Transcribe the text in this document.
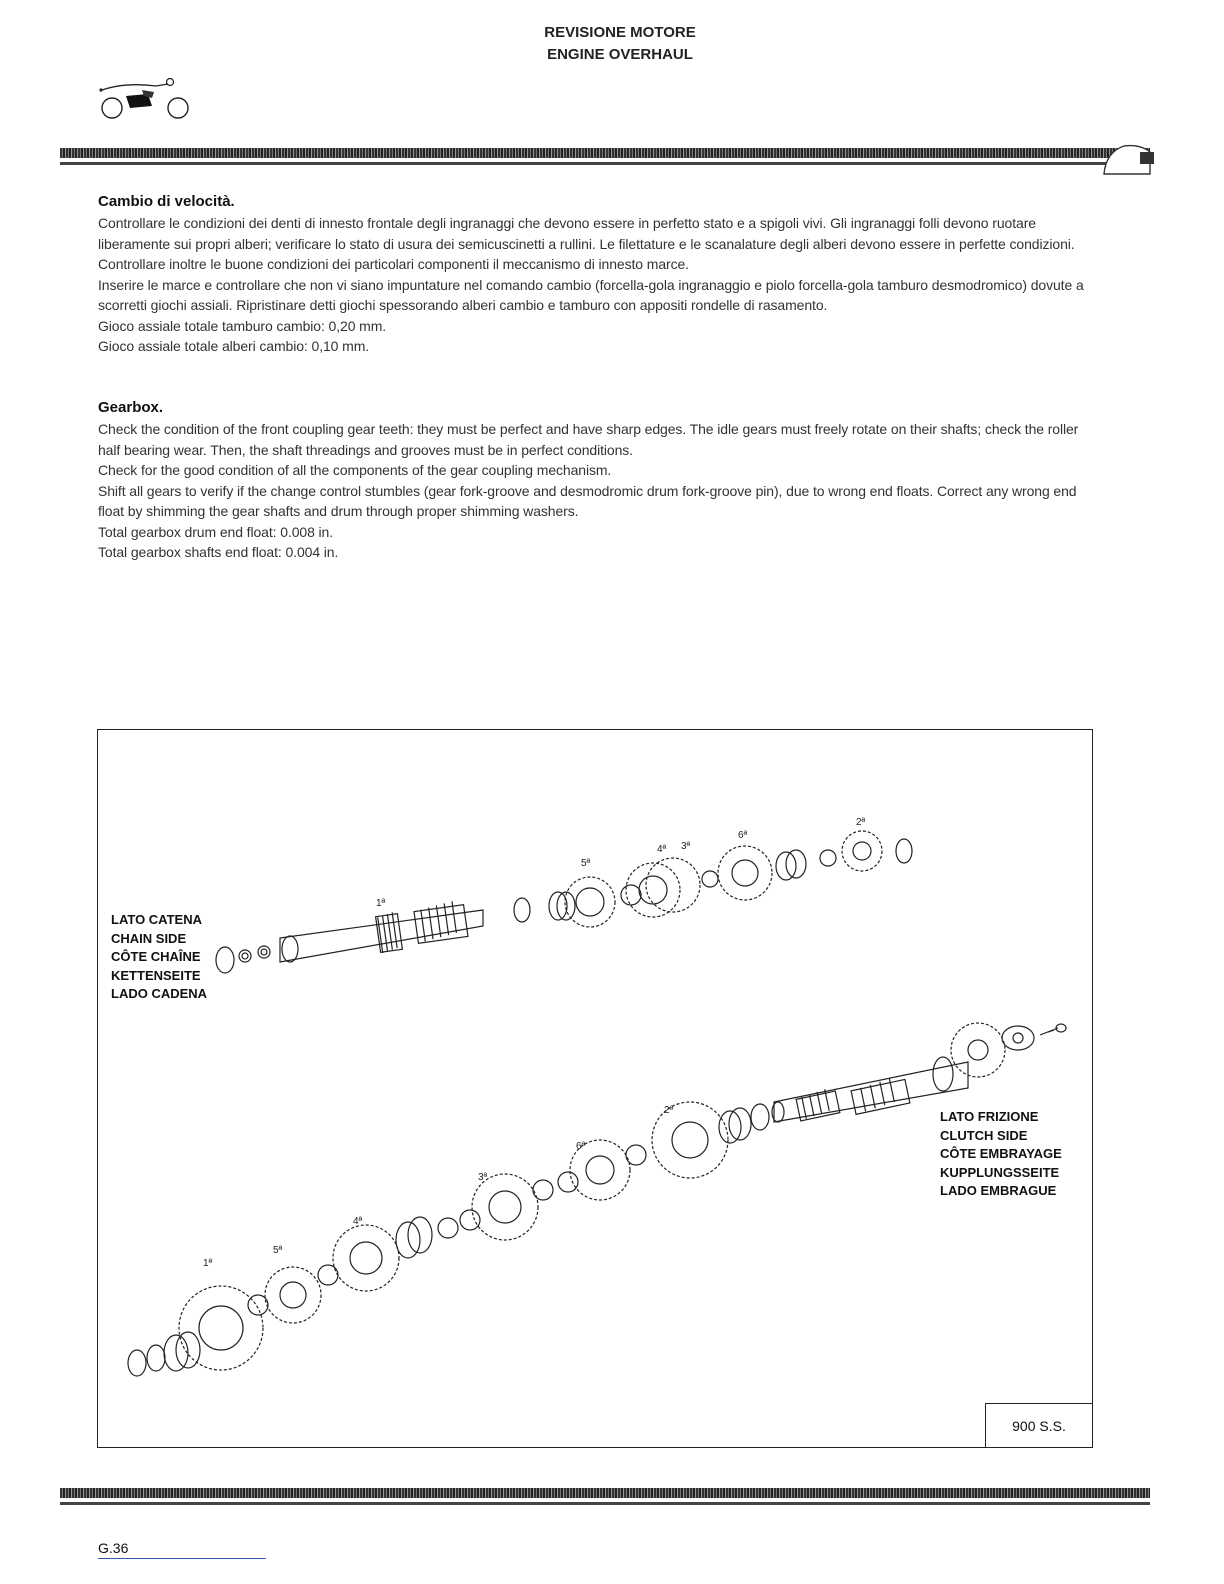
REVISIONE MOTORE
ENGINE OVERHAUL
Cambio di velocità.

Controllare le condizioni dei denti di innesto frontale degli ingranaggi che devono essere in perfetto stato e a spigoli vivi. Gli ingranaggi folli devono ruotare liberamente sui propri alberi; verificare lo stato di usura dei semicuscinetti a rullini. Le filettature e le scanalature degli alberi devono essere in perfette condizioni.

Controllare inoltre le buone condizioni dei particolari componenti il meccanismo di innesto marce.

Inserire le marce e controllare che non vi siano impuntature nel comando cambio (forcella-gola ingranaggio e piolo forcella-gola tamburo desmodromico) dovute a scorretti giochi assiali. Ripristinare detti giochi spessorando alberi cambio e tamburo con appositi rondelle di rasamento.

Gioco assiale totale tamburo cambio: 0,20 mm.

Gioco assiale totale alberi cambio: 0,10 mm.

Gearbox.

Check the condition of the front coupling gear teeth: they must be perfect and have sharp edges. The idle gears must freely rotate on their shafts; check the roller half bearing wear. Then, the shaft threadings and grooves must be in perfect conditions.

Check for the good condition of all the components of the gear coupling mechanism.

Shift all gears to verify if the change control stumbles (gear fork-groove and desmodromic drum fork-groove pin), due to wrong end floats. Correct any wrong end float by shimming the gear shafts and drum through proper shimming washers.

Total gearbox drum end float: 0.008 in.

Total gearbox shafts end float: 0.004 in.

1ª
5ª
4ª 3ª
6ª
2ª
1ª
5ª
4ª
3ª
6ª
2ª
LATO CATENA
CHAIN SIDE
CÔTE CHAÎNE
KETTENSEITE
LADO CADENA
LATO FRIZIONE
CLUTCH SIDE
CÔTE EMBRAYAGE
KUPPLUNGSSEITE
LADO EMBRAGUE
900 S.S.
G.36
